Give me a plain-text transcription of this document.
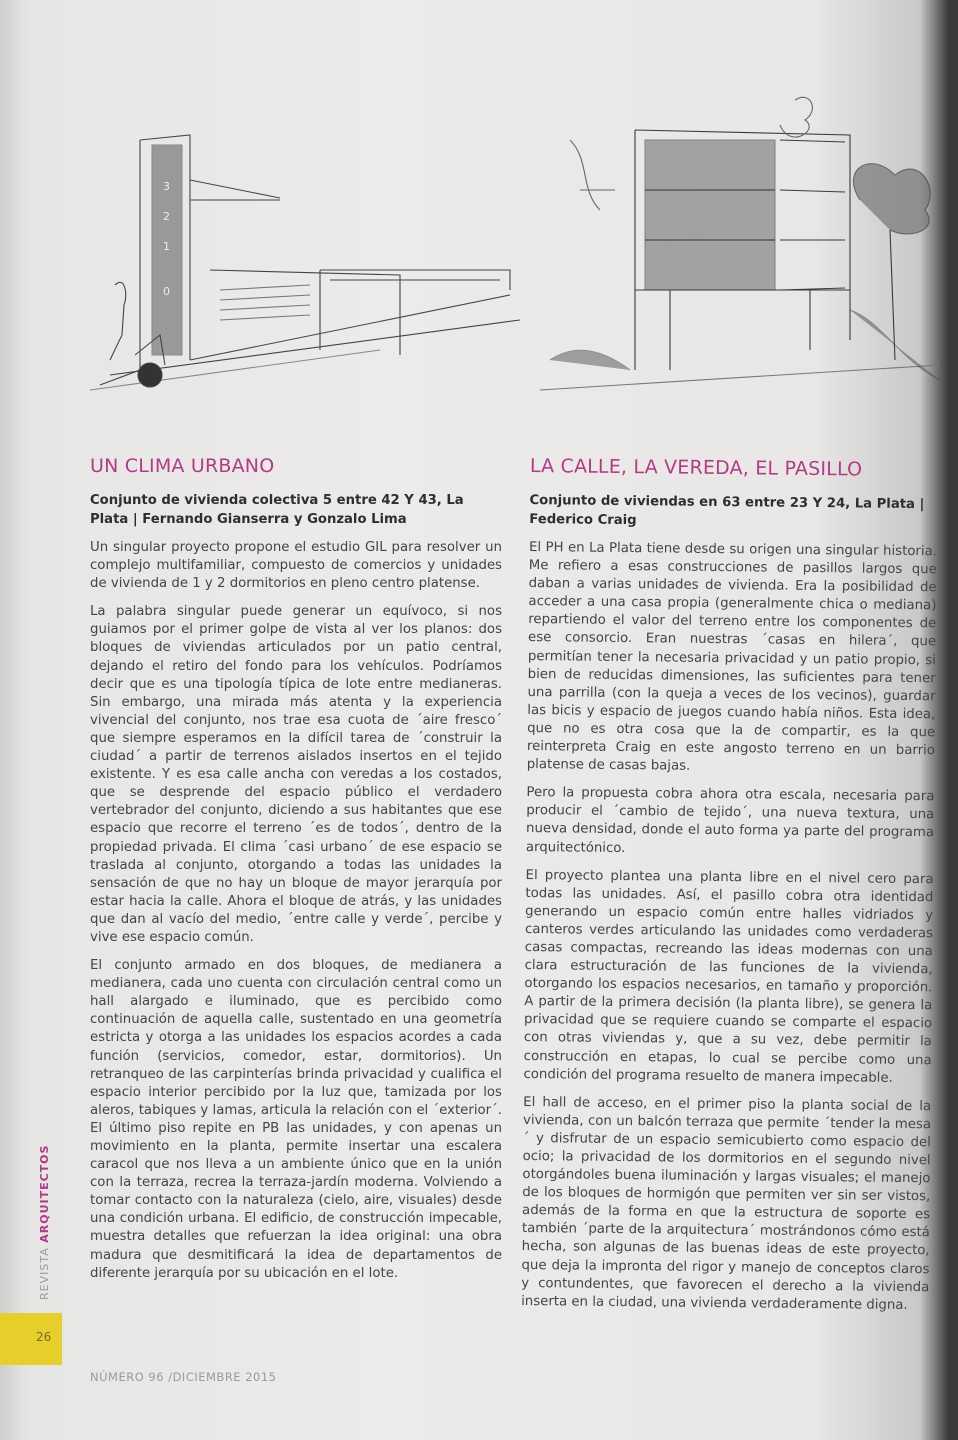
3
2
1
0
UN CLIMA URBANO

Conjunto de vivienda colectiva 5 entre 42 Y 43, La Plata | Fernando Gianserra y Gonzalo Lima

Un singular proyecto propone el estudio GIL para resolver un complejo multifamiliar, compuesto de comercios y unidades de vivienda de 1 y 2 dormitorios en pleno centro platense.

La palabra singular puede generar un equívoco, si nos guiamos por el primer golpe de vista al ver los planos: dos bloques de viviendas articulados por un patio central, dejando el retiro del fondo para los vehículos. Podríamos decir que es una tipología típica de lote entre medianeras. Sin embargo, una mirada más atenta y la experiencia vivencial del conjunto, nos trae esa cuota de ´aire fresco´ que siempre esperamos en la difícil tarea de ´construir la ciudad´ a partir de terrenos aislados insertos en el tejido existente. Y es esa calle ancha con veredas a los costados, que se desprende del espacio público el verdadero vertebrador del conjunto, diciendo a sus habitantes que ese espacio que recorre el terreno ´es de todos´, dentro de la propiedad privada. El clima ´casi urbano´ de ese espacio se traslada al conjunto, otorgando a todas las unidades la sensación de que no hay un bloque de mayor jerarquía por estar hacia la calle. Ahora el bloque de atrás, y las unidades que dan al vacío del medio, ´entre calle y verde´, percibe y vive ese espacio común.

El conjunto armado en dos bloques, de medianera a medianera, cada uno cuenta con circulación central como un hall alargado e iluminado, que es percibido como continuación de aquella calle, sustentado en una geometría estricta y otorga a las unidades los espacios acordes a cada función (servicios, comedor, estar, dormitorios). Un retranqueo de las carpinterías brinda privacidad y cualifica el espacio interior percibido por la luz que, tamizada por los aleros, tabiques y lamas, articula la relación con el ´exterior´. El último piso repite en PB las unidades, y con apenas un movimiento en la planta, permite insertar una escalera caracol que nos lleva a un ambiente único que en la unión con la terraza, recrea la terraza-jardín moderna. Volviendo a tomar contacto con la naturaleza (cielo, aire, visuales) desde una condición urbana. El edificio, de construcción impecable, muestra detalles que refuerzan la idea original: una obra madura que desmitificará la idea de departamentos de diferente jerarquía por su ubicación en el lote.

LA CALLE, LA VEREDA, EL PASILLO

Conjunto de viviendas en 63 entre 23 Y 24, La Plata | Federico Craig

El PH en La Plata tiene desde su origen una singular historia. Me refiero a esas construcciones de pasillos largos que daban a varias unidades de vivienda. Era la posibilidad de acceder a una casa propia (generalmente chica o mediana) repartiendo el valor del terreno entre los componentes de ese consorcio. Eran nuestras ´casas en hilera´, que permitían tener la necesaria privacidad y un patio propio, si bien de reducidas dimensiones, las suficientes para tener una parrilla (con la queja a veces de los vecinos), guardar las bicis y espacio de juegos cuando había niños. Esta idea, que no es otra cosa que la de compartir, es la que reinterpreta Craig en este angosto terreno en un barrio platense de casas bajas.

Pero la propuesta cobra ahora otra escala, necesaria para producir el ´cambio de tejido´, una nueva textura, una nueva densidad, donde el auto forma ya parte del programa arquitectónico.

El proyecto plantea una planta libre en el nivel cero para todas las unidades. Así, el pasillo cobra otra identidad generando un espacio común entre halles vidriados y canteros verdes articulando las unidades como verdaderas casas compactas, recreando las ideas modernas con una clara estructuración de las funciones de la vivienda, otorgando los espacios necesarios, en tamaño y proporción. A partir de la primera decisión (la planta libre), se genera la privacidad que se requiere cuando se comparte el espacio con otras viviendas y, que a su vez, debe permitir la construcción en etapas, lo cual se percibe como una condición del programa resuelto de manera impecable.

El hall de acceso, en el primer piso la planta social de la vivienda, con un balcón terraza que permite ´tender la mesa´ y disfrutar de un espacio semicubierto como espacio del ocio; la privacidad de los dormitorios en el segundo nivel otorgándoles buena iluminación y largas visuales; el manejo de los bloques de hormigón que permiten ver sin ser vistos, además de la forma en que la estructura de soporte es también ´parte de la arquitectura´ mostrándonos cómo está hecha, son algunas de las buenas ideas de este proyecto, que deja la impronta del rigor y manejo de conceptos claros y contundentes, que favorecen el derecho a la vivienda inserta en la ciudad, una vivienda verdaderamente digna.

REVISTA ARQUITECTOS
26
NÚMERO 96 /DICIEMBRE 2015
